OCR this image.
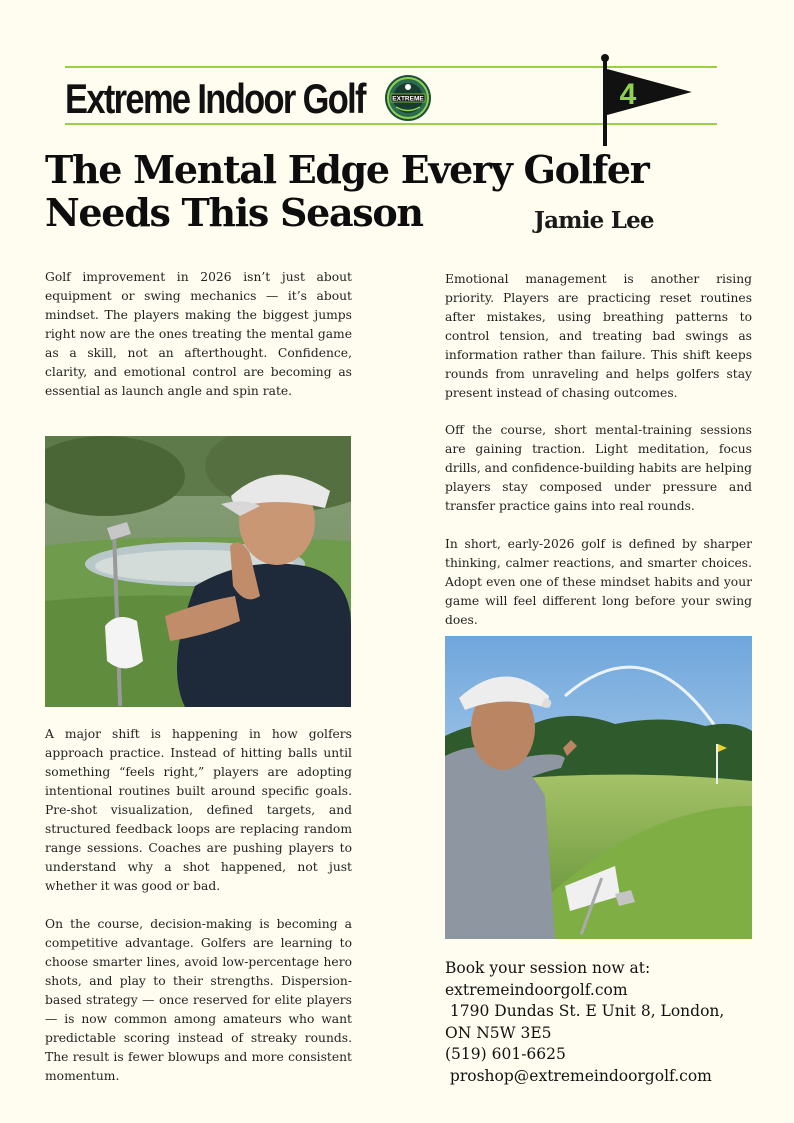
Extreme Indoor Golf	EXTREME	4
The Mental Edge Every Golfer Needs This Season	Jamie Lee

Golf improvement in 2026 isn’t just about equipment or swing mechanics — it’s about mindset. The players making the biggest jumps right now are the ones treating the mental game as a skill, not an afterthought. Confidence, clarity, and emotional control are becoming as essential as launch angle and spin rate.

A major shift is happening in how golfers approach practice. Instead of hitting balls until something “feels right,” players are adopting intentional routines built around specific goals. Pre-shot visualization, defined targets, and structured feedback loops are replacing random range sessions. Coaches are pushing players to understand why a shot happened, not just whether it was good or bad.

On the course, decision-making is becoming a competitive advantage. Golfers are learning to choose smarter lines, avoid low-percentage hero shots, and play to their strengths. Dispersion-based strategy — once reserved for elite players — is now common among amateurs who want predictable scoring instead of streaky rounds. The result is fewer blowups and more consistent momentum.

Emotional management is another rising priority. Players are practicing reset routines after mistakes, using breathing patterns to control tension, and treating bad swings as information rather than failure. This shift keeps rounds from unraveling and helps golfers stay present instead of chasing outcomes.

Off the course, short mental-training sessions are gaining traction. Light meditation, focus drills, and confidence-building habits are helping players stay composed under pressure and transfer practice gains into real rounds.

In short, early-2026 golf is defined by sharper thinking, calmer reactions, and smarter choices. Adopt even one of these mindset habits and your game will feel different long before your swing does.

Book your session now at:
extremeindoorgolf.com
1790 Dundas St. E Unit 8, London,
ON N5W 3E5
(519) 601-6625
proshop@extremeindoorgolf.com
